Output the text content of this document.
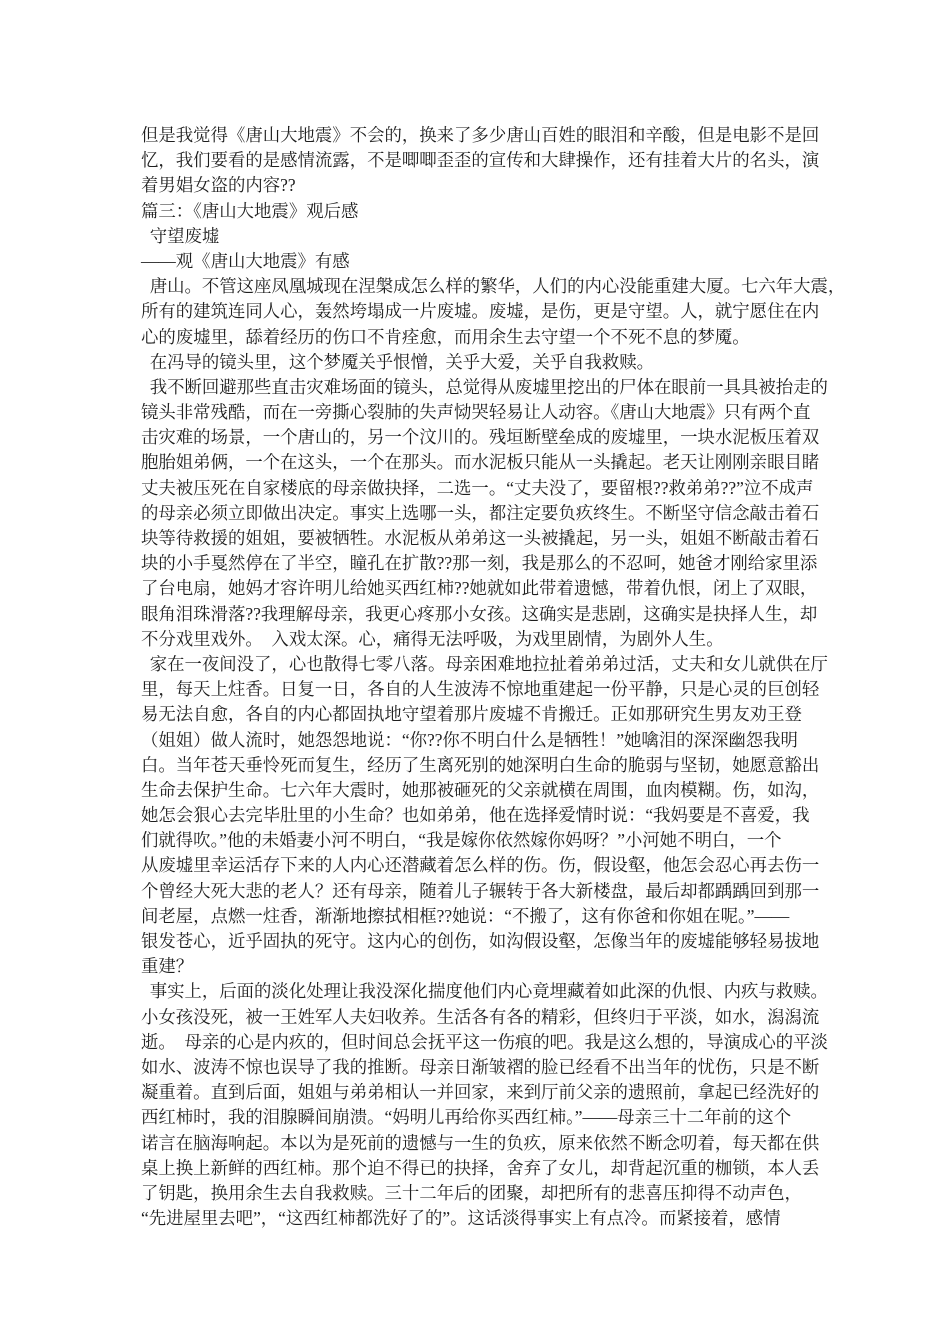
但是我觉得《唐山大地震》不会的，换来了多少唐山百姓的眼泪和辛酸，但是电影不是回
忆，我们要看的是感情流露，不是唧唧歪歪的宣传和大肆操作，还有挂着大片的名头，演
着男娼女盗的内容??
篇三：《唐山大地震》观后感
 守望废墟
——观《唐山大地震》有感
 唐山。不管这座凤凰城现在涅槃成怎么样的繁华，人们的内心没能重建大厦。七六年大震，
所有的建筑连同人心，轰然垮塌成一片废墟。废墟，是伤，更是守望。人，就宁愿住在内
心的废墟里，舔着经历的伤口不肯痊愈，而用余生去守望一个不死不息的梦魇。
 在冯导的镜头里，这个梦魇关乎恨憎，关乎大爱，关乎自我救赎。
 我不断回避那些直击灾难场面的镜头，总觉得从废墟里挖出的尸体在眼前一具具被抬走的
镜头非常残酷，而在一旁撕心裂肺的失声恸哭轻易让人动容。《唐山大地震》只有两个直
击灾难的场景，一个唐山的，另一个汶川的。残垣断壁垒成的废墟里，一块水泥板压着双
胞胎姐弟俩，一个在这头，一个在那头。而水泥板只能从一头撬起。老天让刚刚亲眼目睹
丈夫被压死在自家楼底的母亲做抉择，二选一。“丈夫没了，要留根??救弟弟??”泣不成声
的母亲必须立即做出决定。事实上选哪一头，都注定要负疚终生。不断坚守信念敲击着石
块等待救援的姐姐，要被牺牲。水泥板从弟弟这一头被撬起，另一头，姐姐不断敲击着石
块的小手戛然停在了半空，瞳孔在扩散??那一刻，我是那么的不忍呵，她爸才刚给家里添
了台电扇，她妈才容许明儿给她买西红柿??她就如此带着遗憾，带着仇恨，闭上了双眼，
眼角泪珠滑落??我理解母亲，我更心疼那小女孩。这确实是悲剧，这确实是抉择人生，却
不分戏里戏外。 入戏太深。心，痛得无法呼吸，为戏里剧情，为剧外人生。
 家在一夜间没了，心也散得七零八落。母亲困难地拉扯着弟弟过活，丈夫和女儿就供在厅
里，每天上炷香。日复一日，各自的人生波涛不惊地重建起一份平静，只是心灵的巨创轻
易无法自愈，各自的内心都固执地守望着那片废墟不肯搬迁。正如那研究生男友劝王登
（姐姐）做人流时，她怨怨地说：“你??你不明白什么是牺牲！”她噙泪的深深幽怨我明
白。当年苍天垂怜死而复生，经历了生离死别的她深明白生命的脆弱与坚韧，她愿意豁出
生命去保护生命。七六年大震时，她那被砸死的父亲就横在周围，血肉模糊。伤，如沟，
她怎会狠心去完毕肚里的小生命？也如弟弟，他在选择爱情时说：“我妈要是不喜爱，我
们就得吹。”他的未婚妻小河不明白，“我是嫁你依然嫁你妈呀？”小河她不明白，一个
从废墟里幸运活存下来的人内心还潜藏着怎么样的伤。伤，假设壑，他怎会忍心再去伤一
个曾经大死大悲的老人？还有母亲，随着儿子辗转于各大新楼盘，最后却都踽踽回到那一
间老屋，点燃一炷香，渐渐地擦拭相框??她说：“不搬了，这有你爸和你姐在呢。”——
银发苍心，近乎固执的死守。这内心的创伤，如沟假设壑，怎像当年的废墟能够轻易拔地
重建？
 事实上，后面的淡化处理让我没深化揣度他们内心竟埋藏着如此深的仇恨、内疚与救赎。
小女孩没死，被一王姓军人夫妇收养。生活各有各的精彩，但终归于平淡，如水，潟潟流
逝。 母亲的心是内疚的，但时间总会抚平这一伤痕的吧。我是这么想的，导演成心的平淡
如水、波涛不惊也误导了我的推断。母亲日渐皱褶的脸已经看不出当年的忧伤，只是不断
凝重着。直到后面，姐姐与弟弟相认一并回家，来到厅前父亲的遗照前，拿起已经洗好的
西红柿时，我的泪腺瞬间崩溃。“妈明儿再给你买西红柿。”——母亲三十二年前的这个
诺言在脑海响起。本以为是死前的遗憾与一生的负疚，原来依然不断念叨着，每天都在供
桌上换上新鲜的西红柿。那个迫不得已的抉择，舍弃了女儿，却背起沉重的枷锁，本人丢
了钥匙，换用余生去自我救赎。三十二年后的团聚，却把所有的悲喜压抑得不动声色，
“先进屋里去吧”，“这西红柿都洗好了的”。这话淡得事实上有点冷。而紧接着，感情
